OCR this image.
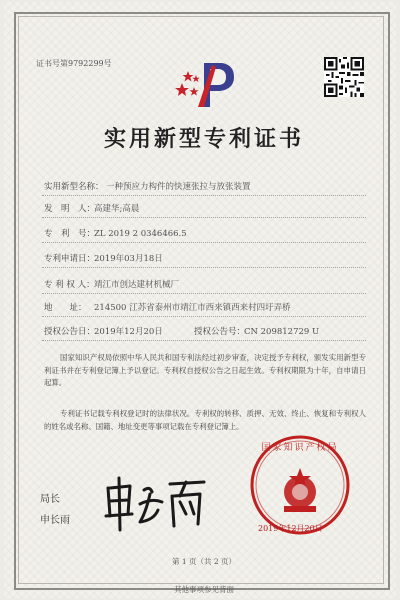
证书号第9792299号
实用新型专利证书
实用新型名称： 一种预应力构件的快速张拉与放张装置
发　明　人：高建华;高晨
专　利　号：ZL 2019 2 0346466.5
专利申请日：2019年03月18日
专 利 权 人：靖江市创达建材机械厂
地　　址： 214500 江苏省泰州市靖江市西来镇西来村四圩弄桥
授权公告日：2019年12月20日	授权公告号：CN 209812729 U
国家知识产权局依照中华人民共和国专利法经过初步审查，决定授予专利权，颁发实用新型专利证书并在专利登记簿上予以登记。专利权自授权公告之日起生效。专利权期限为十年，自申请日起算。
专利证书记载专利权登记时的法律状况。专利权的转移、质押、无效、终止、恢复和专利权人的姓名或名称、国籍、地址变更等事项记载在专利登记簿上。
局长
申长雨
国家知识产权局
2019年12月20日
第 1 页（共 2 页）
其他事项参见背面
